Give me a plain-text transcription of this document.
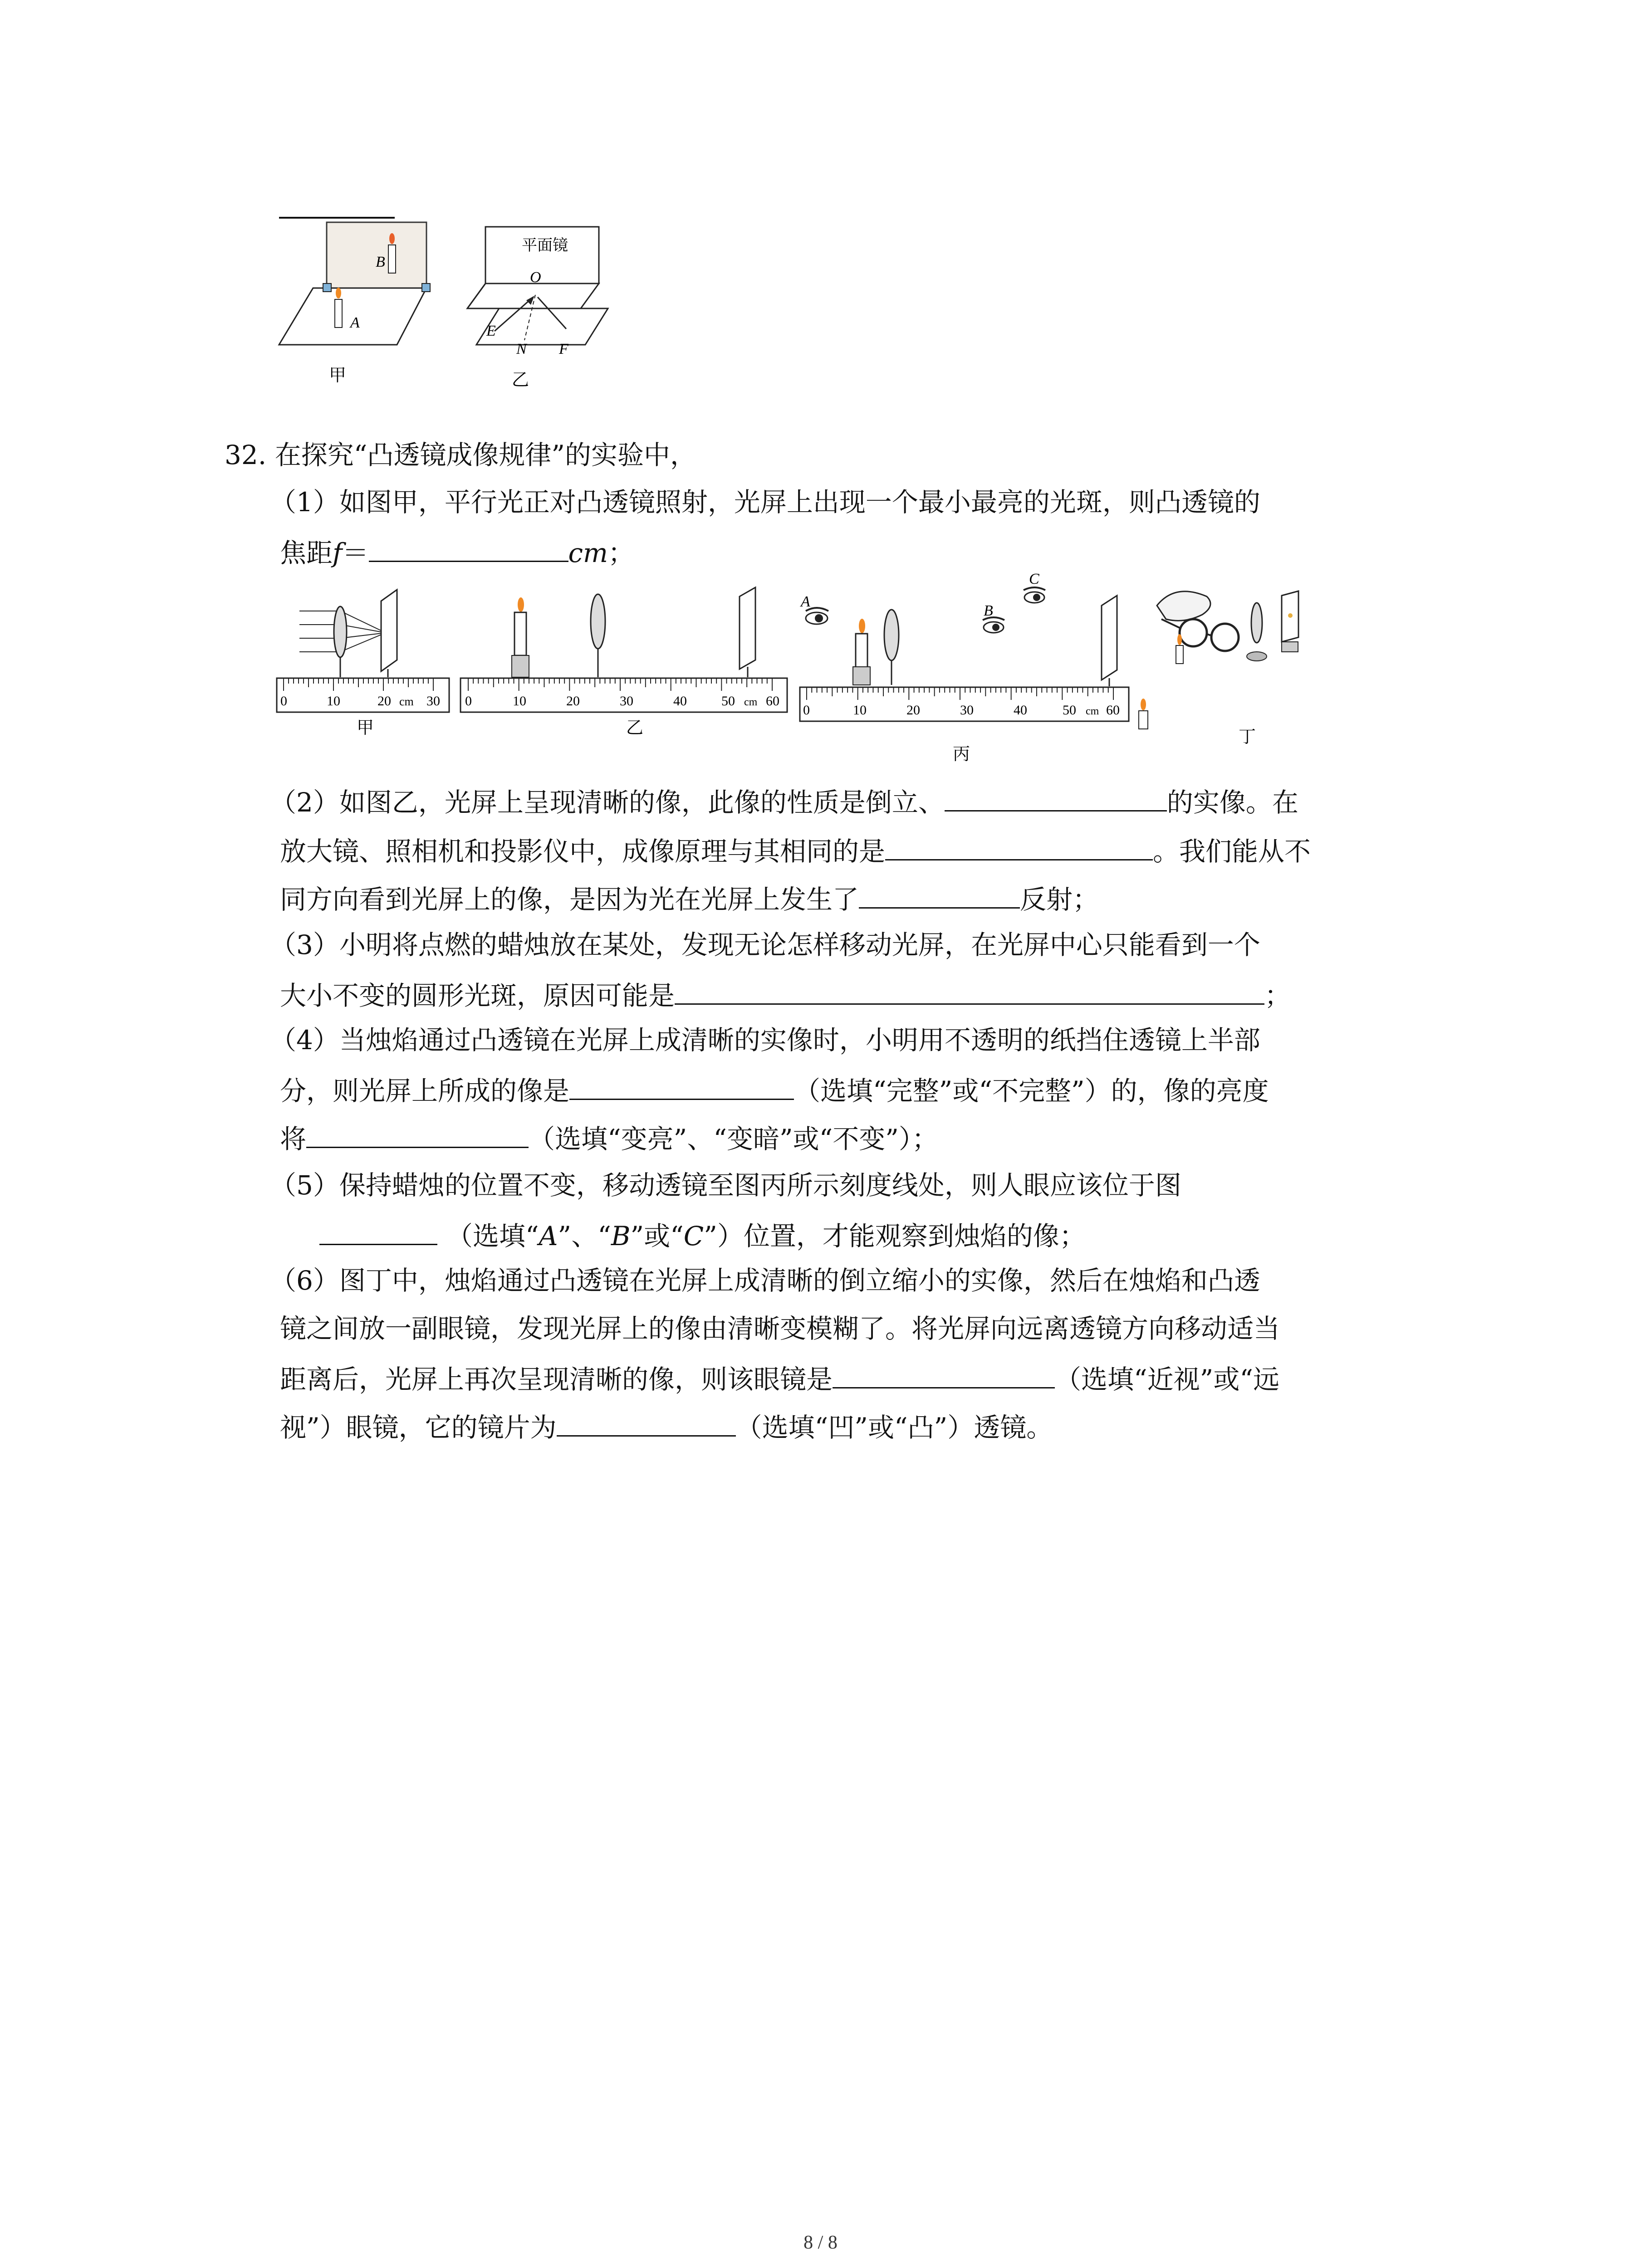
A
B
平面镜
O
E
N F
甲	乙
32. 在探究“凸透镜成像规律”的实验中，
（1）如图甲，平行光正对凸透镜照射，光屏上出现一个最小最亮的光斑，则凸透镜的
焦距f＝	cm；
0	10	20 cm 30
甲
0	10	20	30	40	50 cm 60
乙
A
B
C
0	10	20	30	40	50 cm 60
丙
丁
（2）如图乙，光屏上呈现清晰的像，此像的性质是倒立、	的实像。在
放大镜、照相机和投影仪中，成像原理与其相同的是	。我们能从不
同方向看到光屏上的像，是因为光在光屏上发生了	反射；
（3）小明将点燃的蜡烛放在某处，发现无论怎样移动光屏，在光屏中心只能看到一个
大小不变的圆形光斑，原因可能是	；
（4）当烛焰通过凸透镜在光屏上成清晰的实像时，小明用不透明的纸挡住透镜上半部
分，则光屏上所成的像是	（选填“完整”或“不完整”）的，像的亮度
将	（选填“变亮”、“变暗”或“不变”）；
（5）保持蜡烛的位置不变，移动透镜至图丙所示刻度线处，则人眼应该位于图
（选填“A”、“B”或“C”）位置，才能观察到烛焰的像；
（6）图丁中，烛焰通过凸透镜在光屏上成清晰的倒立缩小的实像，然后在烛焰和凸透
镜之间放一副眼镜，发现光屏上的像由清晰变模糊了。将光屏向远离透镜方向移动适当
距离后，光屏上再次呈现清晰的像，则该眼镜是	（选填“近视”或“远
视”）眼镜，它的镜片为	（选填“凹”或“凸”）透镜。
8 / 8
